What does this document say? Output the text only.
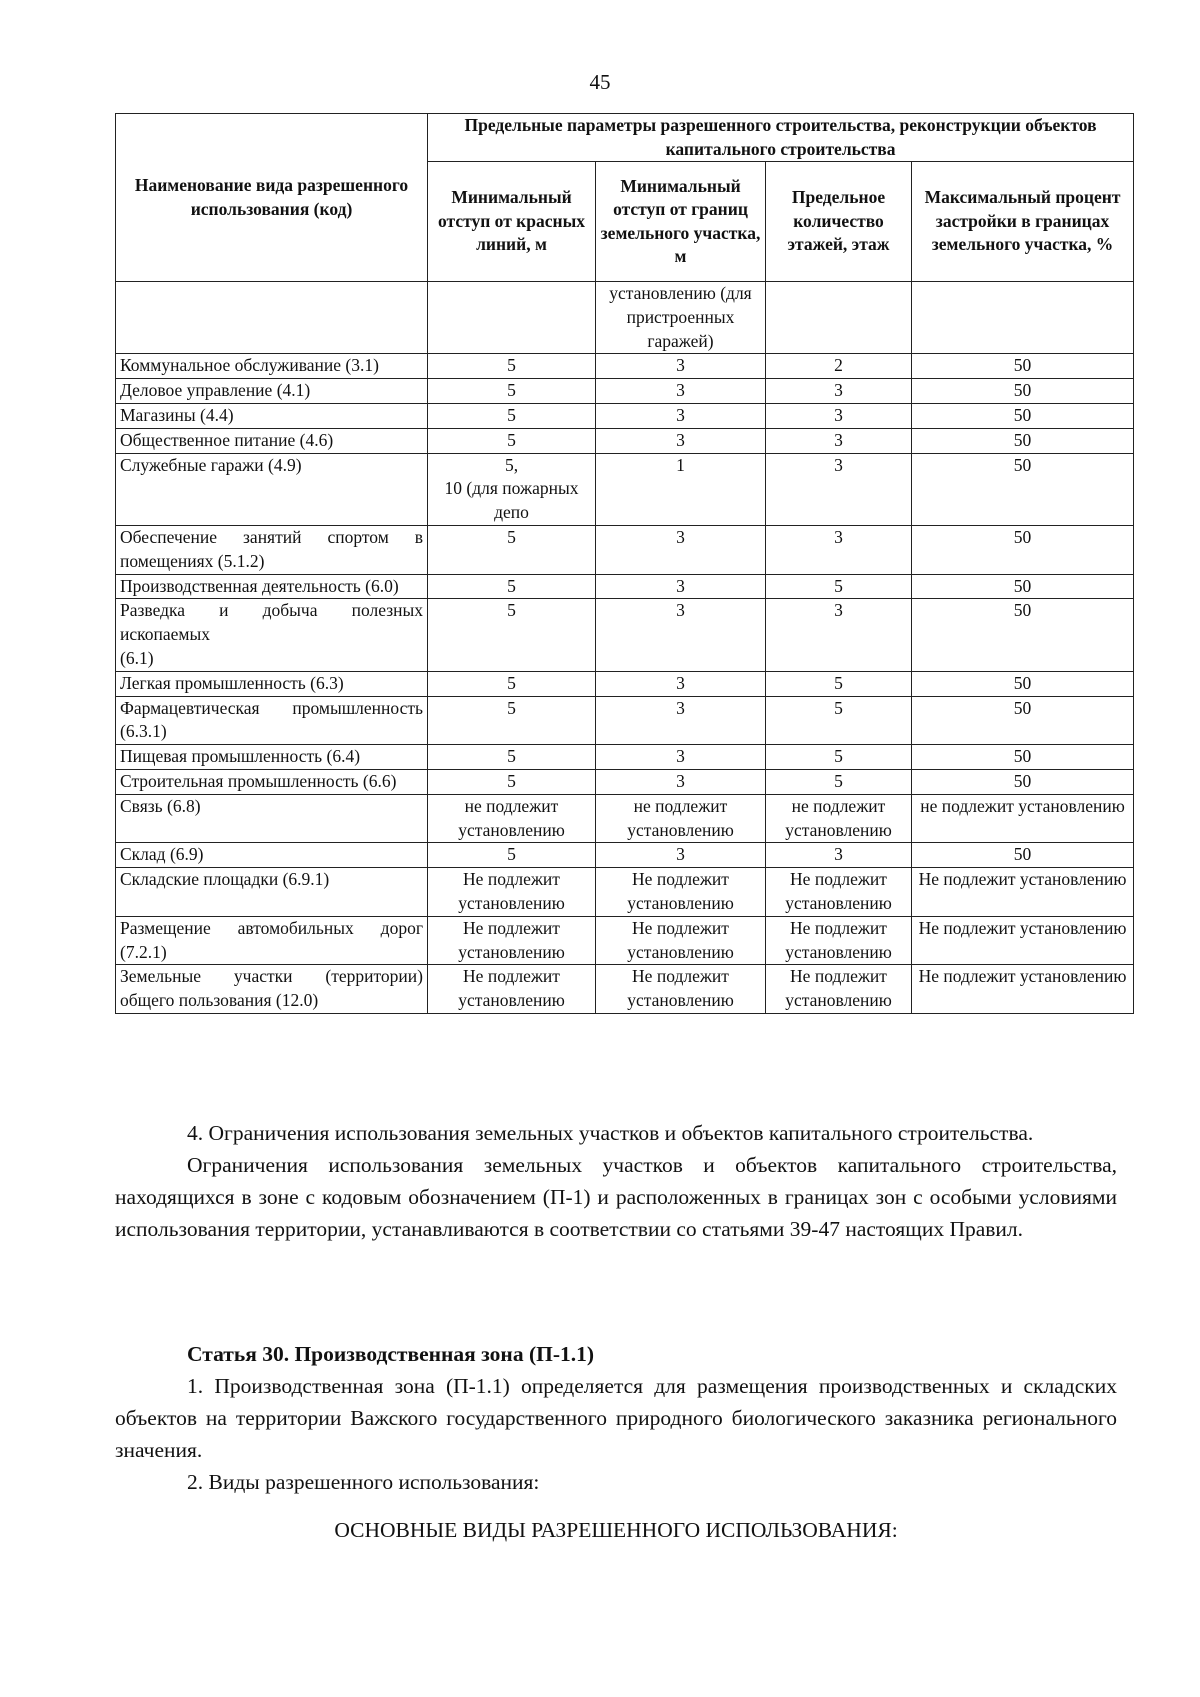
45
Наименование вида разрешенного использования (код)	Предельные параметры разрешенного строительства, реконструкции объектов капитального строительства			
	Минимальный отступ от красных линий, м	Минимальный отступ от границ земельного участка, м	Предельное количество этажей, этаж	Максимальный процент застройки в границах земельного участка, %
		установлению (для пристроенных гаражей)		
Коммунальное обслуживание (3.1)	5	3	2	50
Деловое управление (4.1)	5	3	3	50
Магазины (4.4)	5	3	3	50
Общественное питание (4.6)	5	3	3	50
Служебные гаражи (4.9)	5,
10 (для пожарных депо	1	3	50
Обеспечение занятий спортом в помещениях (5.1.2)	5	3	3	50
Производственная деятельность (6.0)	5	3	5	50
Разведка и добыча полезных ископаемых
(6.1)	5	3	3	50
Легкая промышленность (6.3)	5	3	5	50
Фармацевтическая промышленность (6.3.1)	5	3	5	50
Пищевая промышленность (6.4)	5	3	5	50
Строительная промышленность (6.6)	5	3	5	50
Связь (6.8)	не подлежит установлению	не подлежит установлению	не подлежит установлению	не подлежит установлению
Склад (6.9)	5	3	3	50
Складские площадки (6.9.1)	Не подлежит установлению	Не подлежит установлению	Не подлежит установлению	Не подлежит установлению
Размещение автомобильных дорог (7.2.1)	Не подлежит установлению	Не подлежит установлению	Не подлежит установлению	Не подлежит установлению
Земельные участки (территории) общего пользования (12.0)	Не подлежит установлению	Не подлежит установлению	Не подлежит установлению	Не подлежит установлению

4. Ограничения использования земельных участков и объектов капитального строительства.

Ограничения использования земельных участков и объектов капитального строительства, находящихся в зоне с кодовым обозначением (П-1) и расположенных в границах зон с особыми условиями использования территории, устанавливаются в соответствии со статьями 39-47 настоящих Правил.

Статья 30. Производственная зона (П-1.1)

1. Производственная зона (П-1.1) определяется для размещения производственных и складских объектов на территории Важского государственного природного биологического заказника регионального значения.

2. Виды разрешенного использования:

ОСНОВНЫЕ ВИДЫ РАЗРЕШЕННОГО ИСПОЛЬЗОВАНИЯ:
